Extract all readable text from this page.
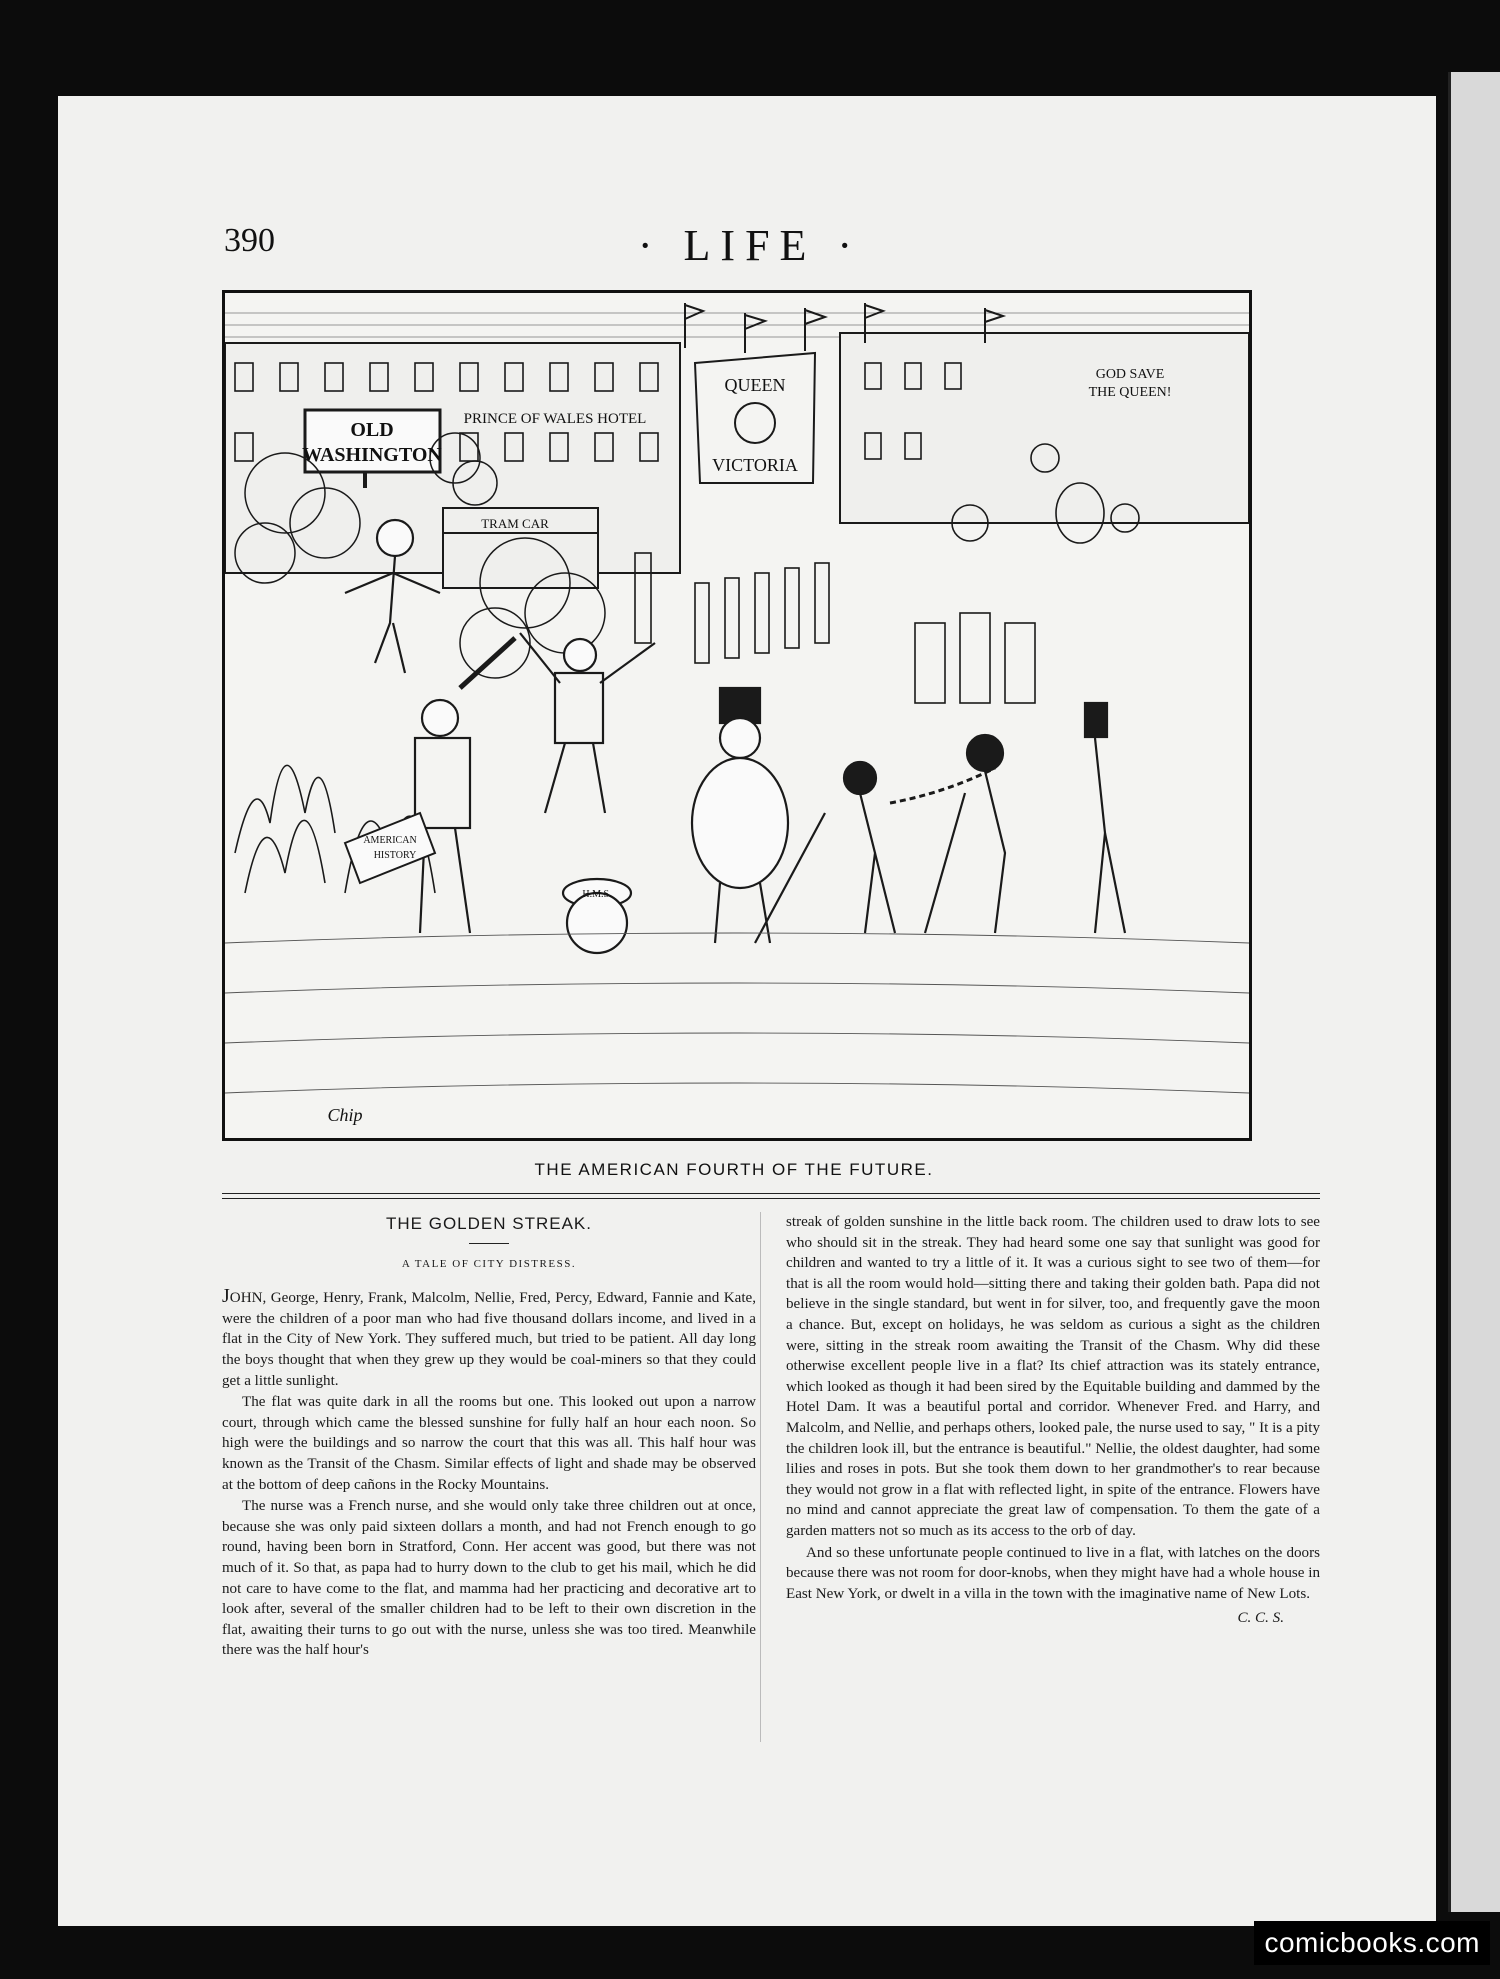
390	· LIFE ·
OLD
WASHINGTON
PRINCE OF WALES HOTEL
QUEEN
VICTORIA
GOD SAVE
THE QUEEN!
TRAM CAR
AMERICAN
HISTORY
H.M.S.
Chip
THE AMERICAN FOURTH OF THE FUTURE.
THE GOLDEN STREAK.
A TALE OF CITY DISTRESS.

JOHN, George, Henry, Frank, Malcolm, Nellie, Fred, Percy, Edward, Fannie and Kate, were the children of a poor man who had five thousand dollars income, and lived in a flat in the City of New York. They suffered much, but tried to be patient. All day long the boys thought that when they grew up they would be coal-miners so that they could get a little sunlight.

The flat was quite dark in all the rooms but one. This looked out upon a narrow court, through which came the blessed sunshine for fully half an hour each noon. So high were the buildings and so narrow the court that this was all. This half hour was known as the Transit of the Chasm. Similar effects of light and shade may be observed at the bottom of deep cañons in the Rocky Mountains.

The nurse was a French nurse, and she would only take three children out at once, because she was only paid sixteen dollars a month, and had not French enough to go round, having been born in Stratford, Conn. Her accent was good, but there was not much of it. So that, as papa had to hurry down to the club to get his mail, which he did not care to have come to the flat, and mamma had her practicing and decorative art to look after, several of the smaller children had to be left to their own discretion in the flat, awaiting their turns to go out with the nurse, unless she was too tired. Meanwhile there was the half hour's

streak of golden sunshine in the little back room. The children used to draw lots to see who should sit in the streak. They had heard some one say that sunlight was good for children and wanted to try a little of it. It was a curious sight to see two of them—for that is all the room would hold—sitting there and taking their golden bath. Papa did not believe in the single standard, but went in for silver, too, and frequently gave the moon a chance. But, except on holidays, he was seldom as curious a sight as the children were, sitting in the streak room awaiting the Transit of the Chasm. Why did these otherwise excellent people live in a flat? Its chief attraction was its stately entrance, which looked as though it had been sired by the Equitable building and dammed by the Hotel Dam. It was a beautiful portal and corridor. Whenever Fred. and Harry, and Malcolm, and Nellie, and perhaps others, looked pale, the nurse used to say, " It is a pity the children look ill, but the entrance is beautiful." Nellie, the oldest daughter, had some lilies and roses in pots. But she took them down to her grandmother's to rear because they would not grow in a flat with reflected light, in spite of the entrance. Flowers have no mind and cannot appreciate the great law of compensation. To them the gate of a garden matters not so much as its access to the orb of day.

And so these unfortunate people continued to live in a flat, with latches on the doors because there was not room for door-knobs, when they might have had a whole house in East New York, or dwelt in a villa in the town with the imaginative name of New Lots.

C. C. S.
comicbooks.com
